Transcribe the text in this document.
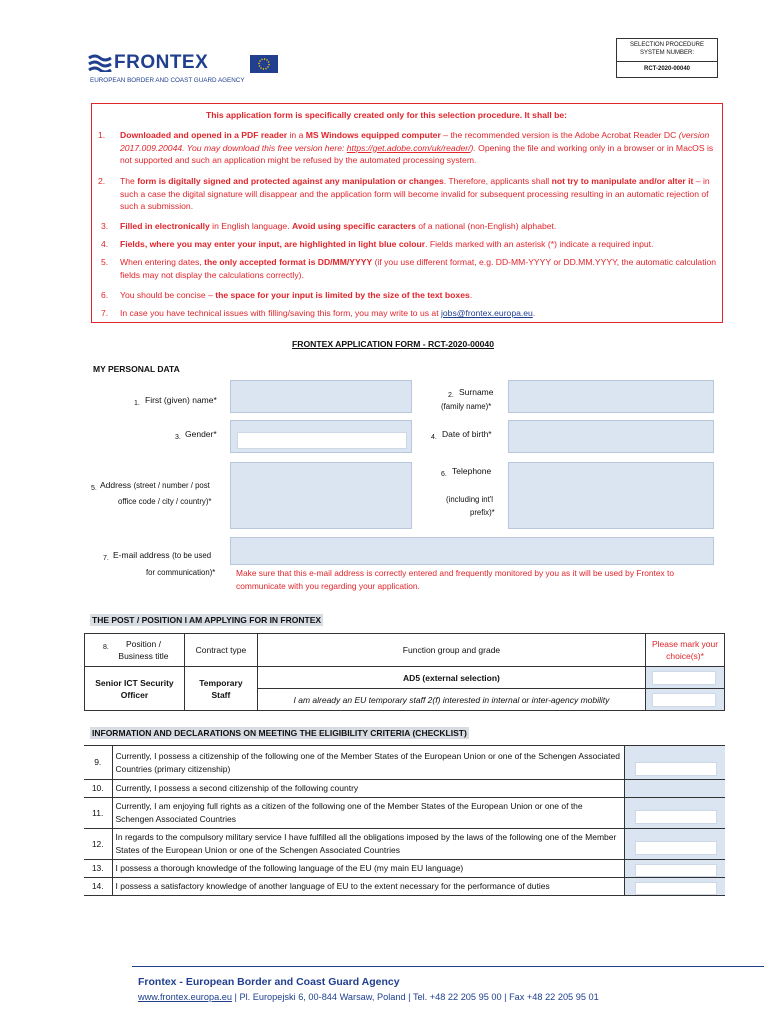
FRONTEX
EUROPEAN BORDER AND COAST GUARD AGENCY
SELECTION PROCEDURE
SYSTEM NUMBER:
RCT-2020-00040
This application form is specifically created only for this selection procedure. It shall be:
1. Downloaded and opened in a PDF reader in a MS Windows equipped computer – the recommended version is the Adobe Acrobat Reader DC (version 2017.009.20044. You may download this free version here: https://get.adobe.com/uk/reader/). Opening the file and working only in a browser or in MacOS is not supported and such an application might be refused by the automated processing system.
2. The form is digitally signed and protected against any manipulation or changes. Therefore, applicants shall not try to manipulate and/or alter it – in such a case the digital signature will disappear and the application form will become invalid for subsequent processing resulting in an automatic rejection of such a submission.
3. Filled in electronically in English language. Avoid using specific caracters of a national (non-English) alphabet.
4. Fields, where you may enter your input, are highlighted in light blue colour. Fields marked with an asterisk (*) indicate a required input.
5. When entering dates, the only accepted format is DD/MM/YYYY (if you use different format, e.g. DD-MM-YYYY or DD.MM.YYYY, the automatic calculation fields may not display the calculations correctly).
6. You should be concise – the space for your input is limited by the size of the text boxes.
7. In case you have technical issues with filling/saving this form, you may write to us at jobs@frontex.europa.eu.
FRONTEX APPLICATION FORM - RCT-2020-00040
MY PERSONAL DATA
1. First (given) name*	2. Surname
(family name)*
3. Gender*	4. Date of birth*
5. Address (street / number / post
office code / city / country)*
6. Telephone
(including int'l
prefix)*
7. E-mail address (to be used
for communication)* Make sure that this e-mail address is correctly entered and frequently monitored by you as it will be used by Frontex to communicate with you regarding your application.
THE POST / POSITION I AM APPLYING FOR IN FRONTEX
8. Position / Business title	Contract type	Function group and grade	Please mark your choice(s)*
Senior ICT Security Officer	Temporary Staff	AD5 (external selection)	

		I am already an EU temporary staff 2(f) interested in internal or inter-agency mobility	
INFORMATION AND DECLARATIONS ON MEETING THE ELIGIBILITY CRITERIA (CHECKLIST)
9.	Currently, I possess a citizenship of the following one of the Member States of the European Union or one of the Schengen Associated Countries (primary citizenship)	

10.	Currently, I possess a second citizenship of the following country	
11.	Currently, I am enjoying full rights as a citizen of the following one of the Member States of the European Union or one of the Schengen Associated Countries	

12.	In regards to the compulsory military service I have fulfilled all the obligations imposed by the laws of the following one of the Member States of the European Union or one of the Schengen Associated Countries	

13.	I possess a thorough knowledge of the following language of the EU (my main EU language)	

14.	I possess a satisfactory knowledge of another language of EU to the extent necessary for the performance of duties	
Frontex - European Border and Coast Guard Agency
www.frontex.europa.eu | Pl. Europejski 6, 00-844 Warsaw, Poland | Tel. +48 22 205 95 00 | Fax +48 22 205 95 01
